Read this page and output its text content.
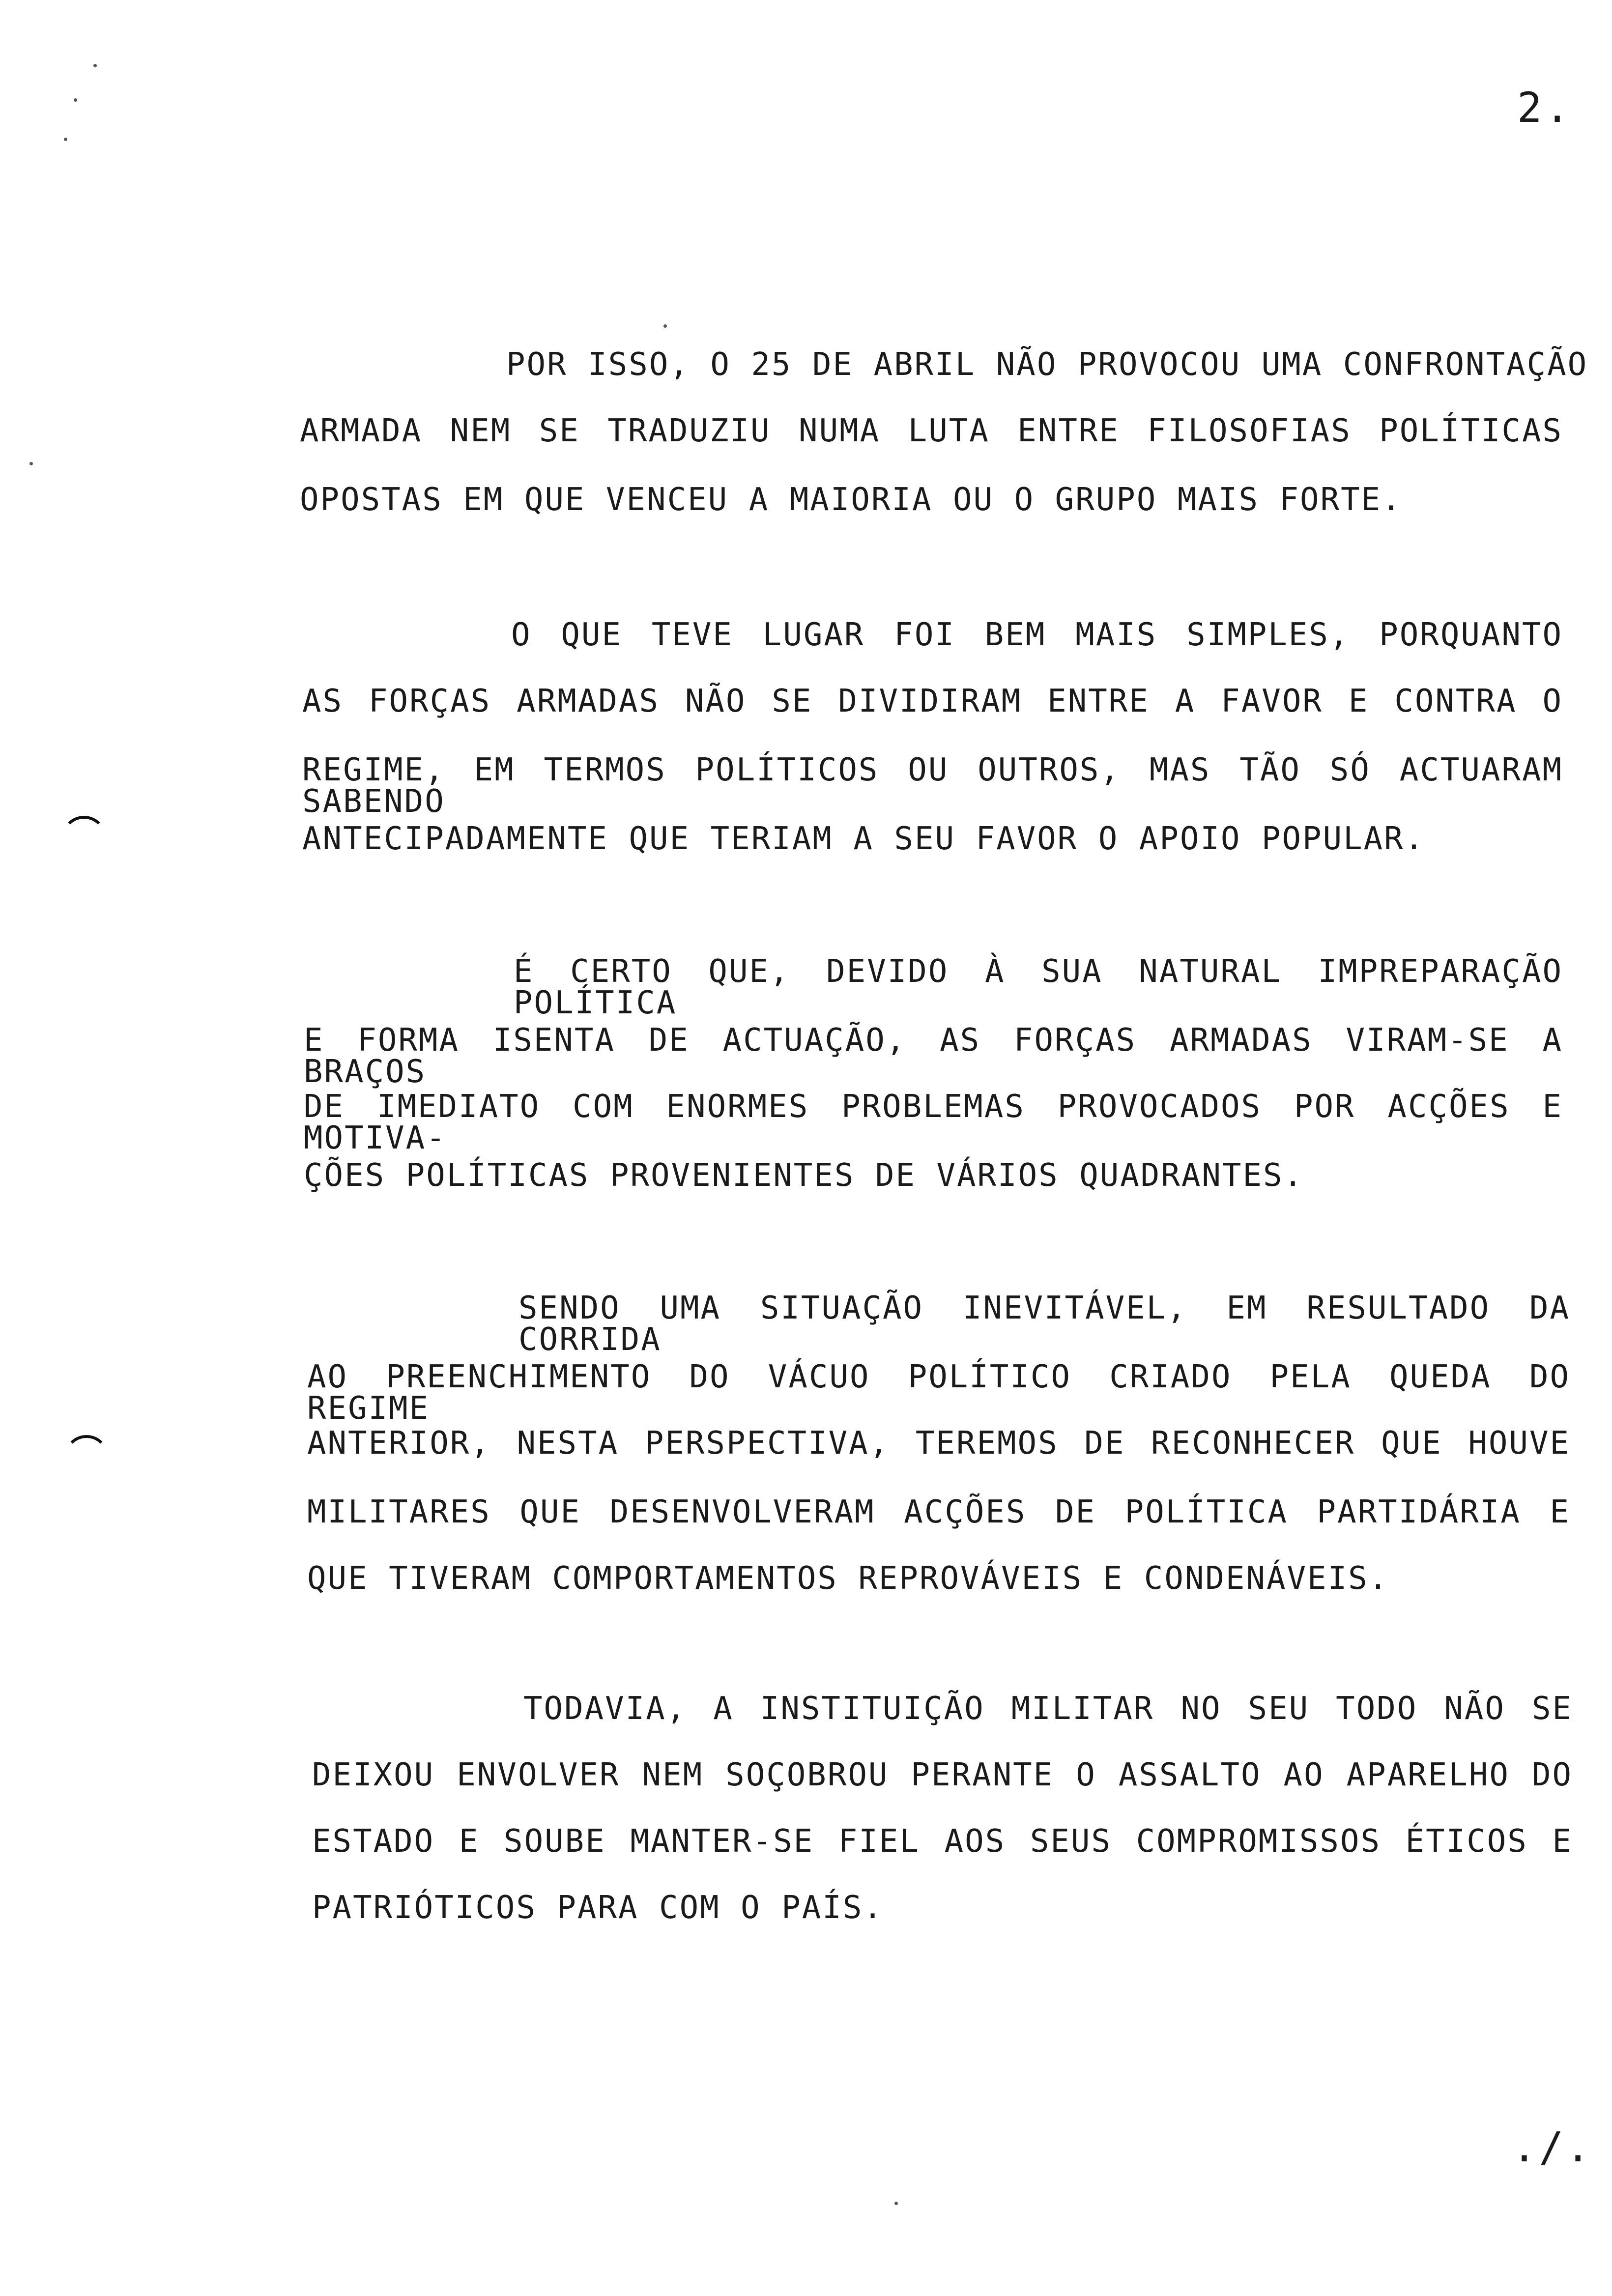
2.
POR ISSO, O 25 DE ABRIL NÃO PROVOCOU UMA CONFRONTAÇÃO
ARMADA NEM SE TRADUZIU NUMA LUTA ENTRE FILOSOFIAS POLÍTICAS
OPOSTAS EM QUE VENCEU A MAIORIA OU O GRUPO MAIS FORTE.
O QUE TEVE LUGAR FOI BEM MAIS SIMPLES, PORQUANTO
AS FORÇAS ARMADAS NÃO SE DIVIDIRAM ENTRE A FAVOR E CONTRA O
REGIME, EM TERMOS POLÍTICOS OU OUTROS, MAS TÃO SÓ ACTUARAM SABENDO
ANTECIPADAMENTE QUE TERIAM A SEU FAVOR O APOIO POPULAR.
É CERTO QUE, DEVIDO À SUA NATURAL IMPREPARAÇÃO POLÍTICA
E FORMA ISENTA DE ACTUAÇÃO, AS FORÇAS ARMADAS VIRAM-SE A BRAÇOS
DE IMEDIATO COM ENORMES PROBLEMAS PROVOCADOS POR ACÇÕES E MOTIVA-
ÇÕES POLÍTICAS PROVENIENTES DE VÁRIOS QUADRANTES.
SENDO UMA SITUAÇÃO INEVITÁVEL, EM RESULTADO DA CORRIDA
AO PREENCHIMENTO DO VÁCUO POLÍTICO CRIADO PELA QUEDA DO REGIME
ANTERIOR, NESTA PERSPECTIVA, TEREMOS DE RECONHECER QUE HOUVE
MILITARES QUE DESENVOLVERAM ACÇÕES DE POLÍTICA PARTIDÁRIA E
QUE TIVERAM COMPORTAMENTOS REPROVÁVEIS E CONDENÁVEIS.
TODAVIA, A INSTITUIÇÃO MILITAR NO SEU TODO NÃO SE
DEIXOU ENVOLVER NEM SOÇOBROU PERANTE O ASSALTO AO APARELHO DO
ESTADO E SOUBE MANTER-SE FIEL AOS SEUS COMPROMISSOS ÉTICOS E
PATRIÓTICOS PARA COM O PAÍS.
./.
